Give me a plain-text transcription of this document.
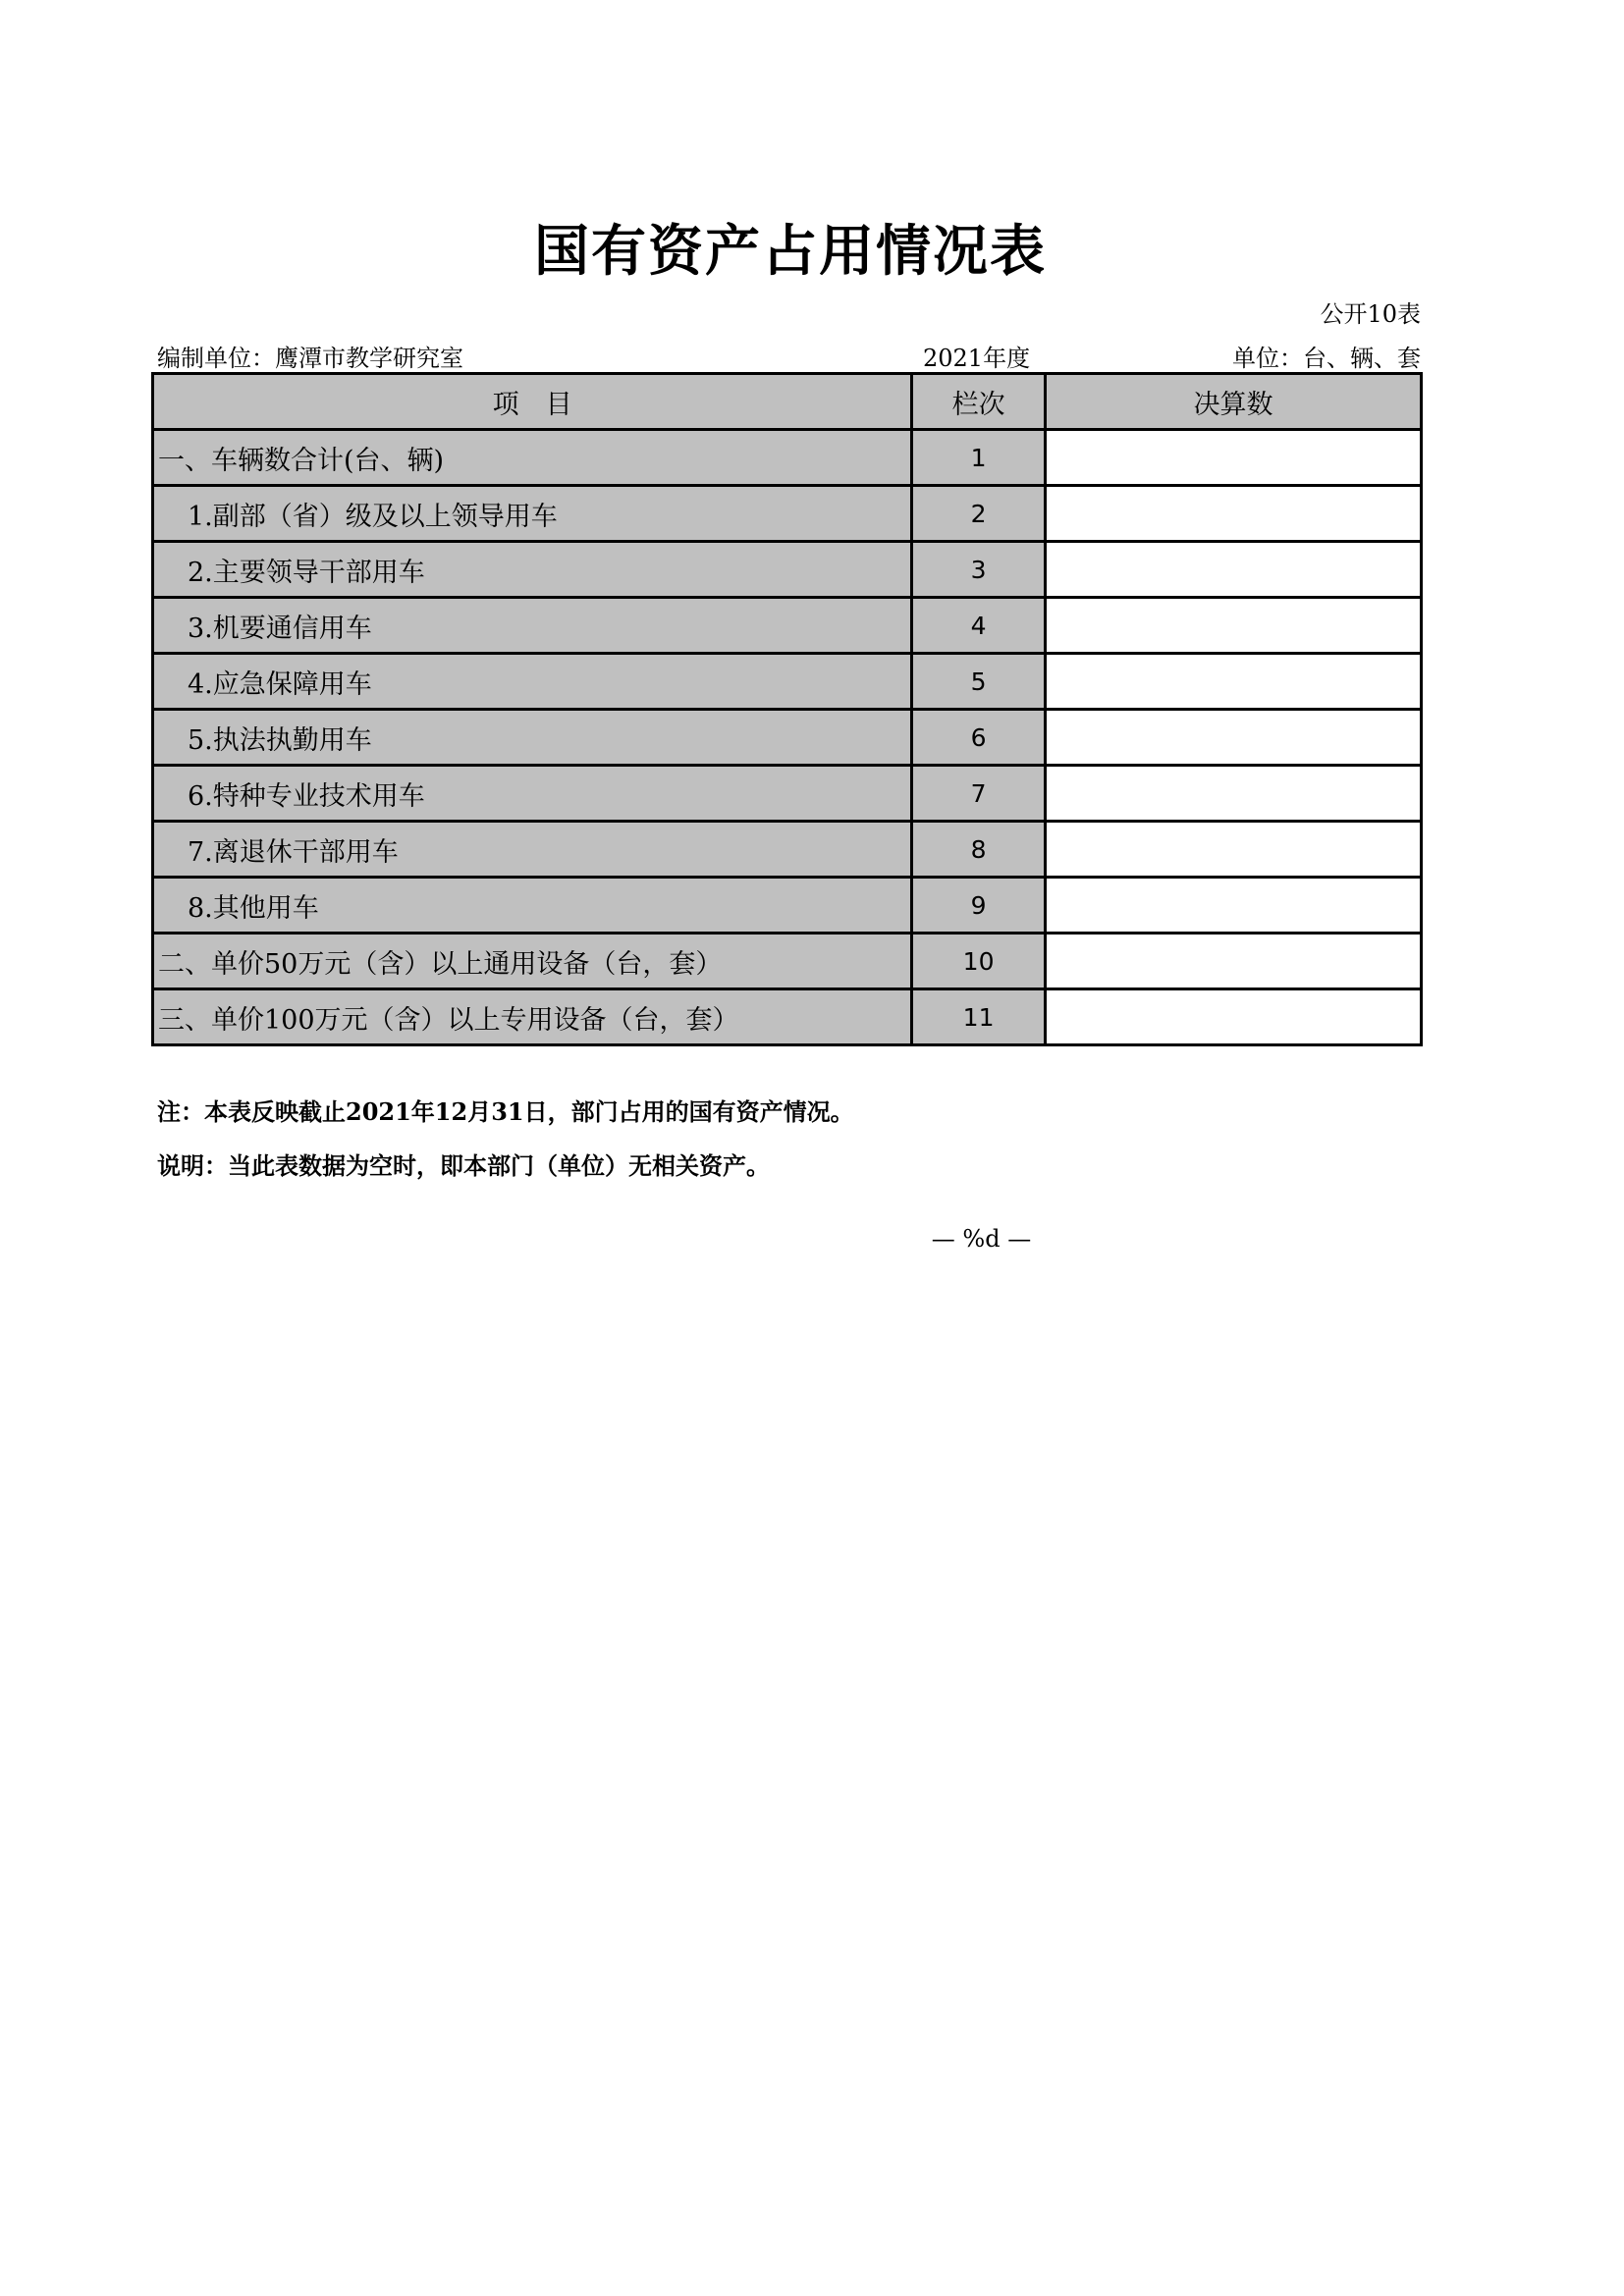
国有资产占用情况表
公开10表
编制单位：鹰潭市教学研究室	2021年度	单位：台、辆、套
项　目	栏次	决算数
一、车辆数合计(台、辆)	1	
1.副部（省）级及以上领导用车	2	
2.主要领导干部用车	3	
3.机要通信用车	4	
4.应急保障用车	5	
5.执法执勤用车	6	
6.特种专业技术用车	7	
7.离退休干部用车	8	
8.其他用车	9	
二、单价50万元（含）以上通用设备（台，套）	10	
三、单价100万元（含）以上专用设备（台，套）	11	
注：本表反映截止2021年12月31日，部门占用的国有资产情况。
说明：当此表数据为空时，即本部门（单位）无相关资产。
— %d —
